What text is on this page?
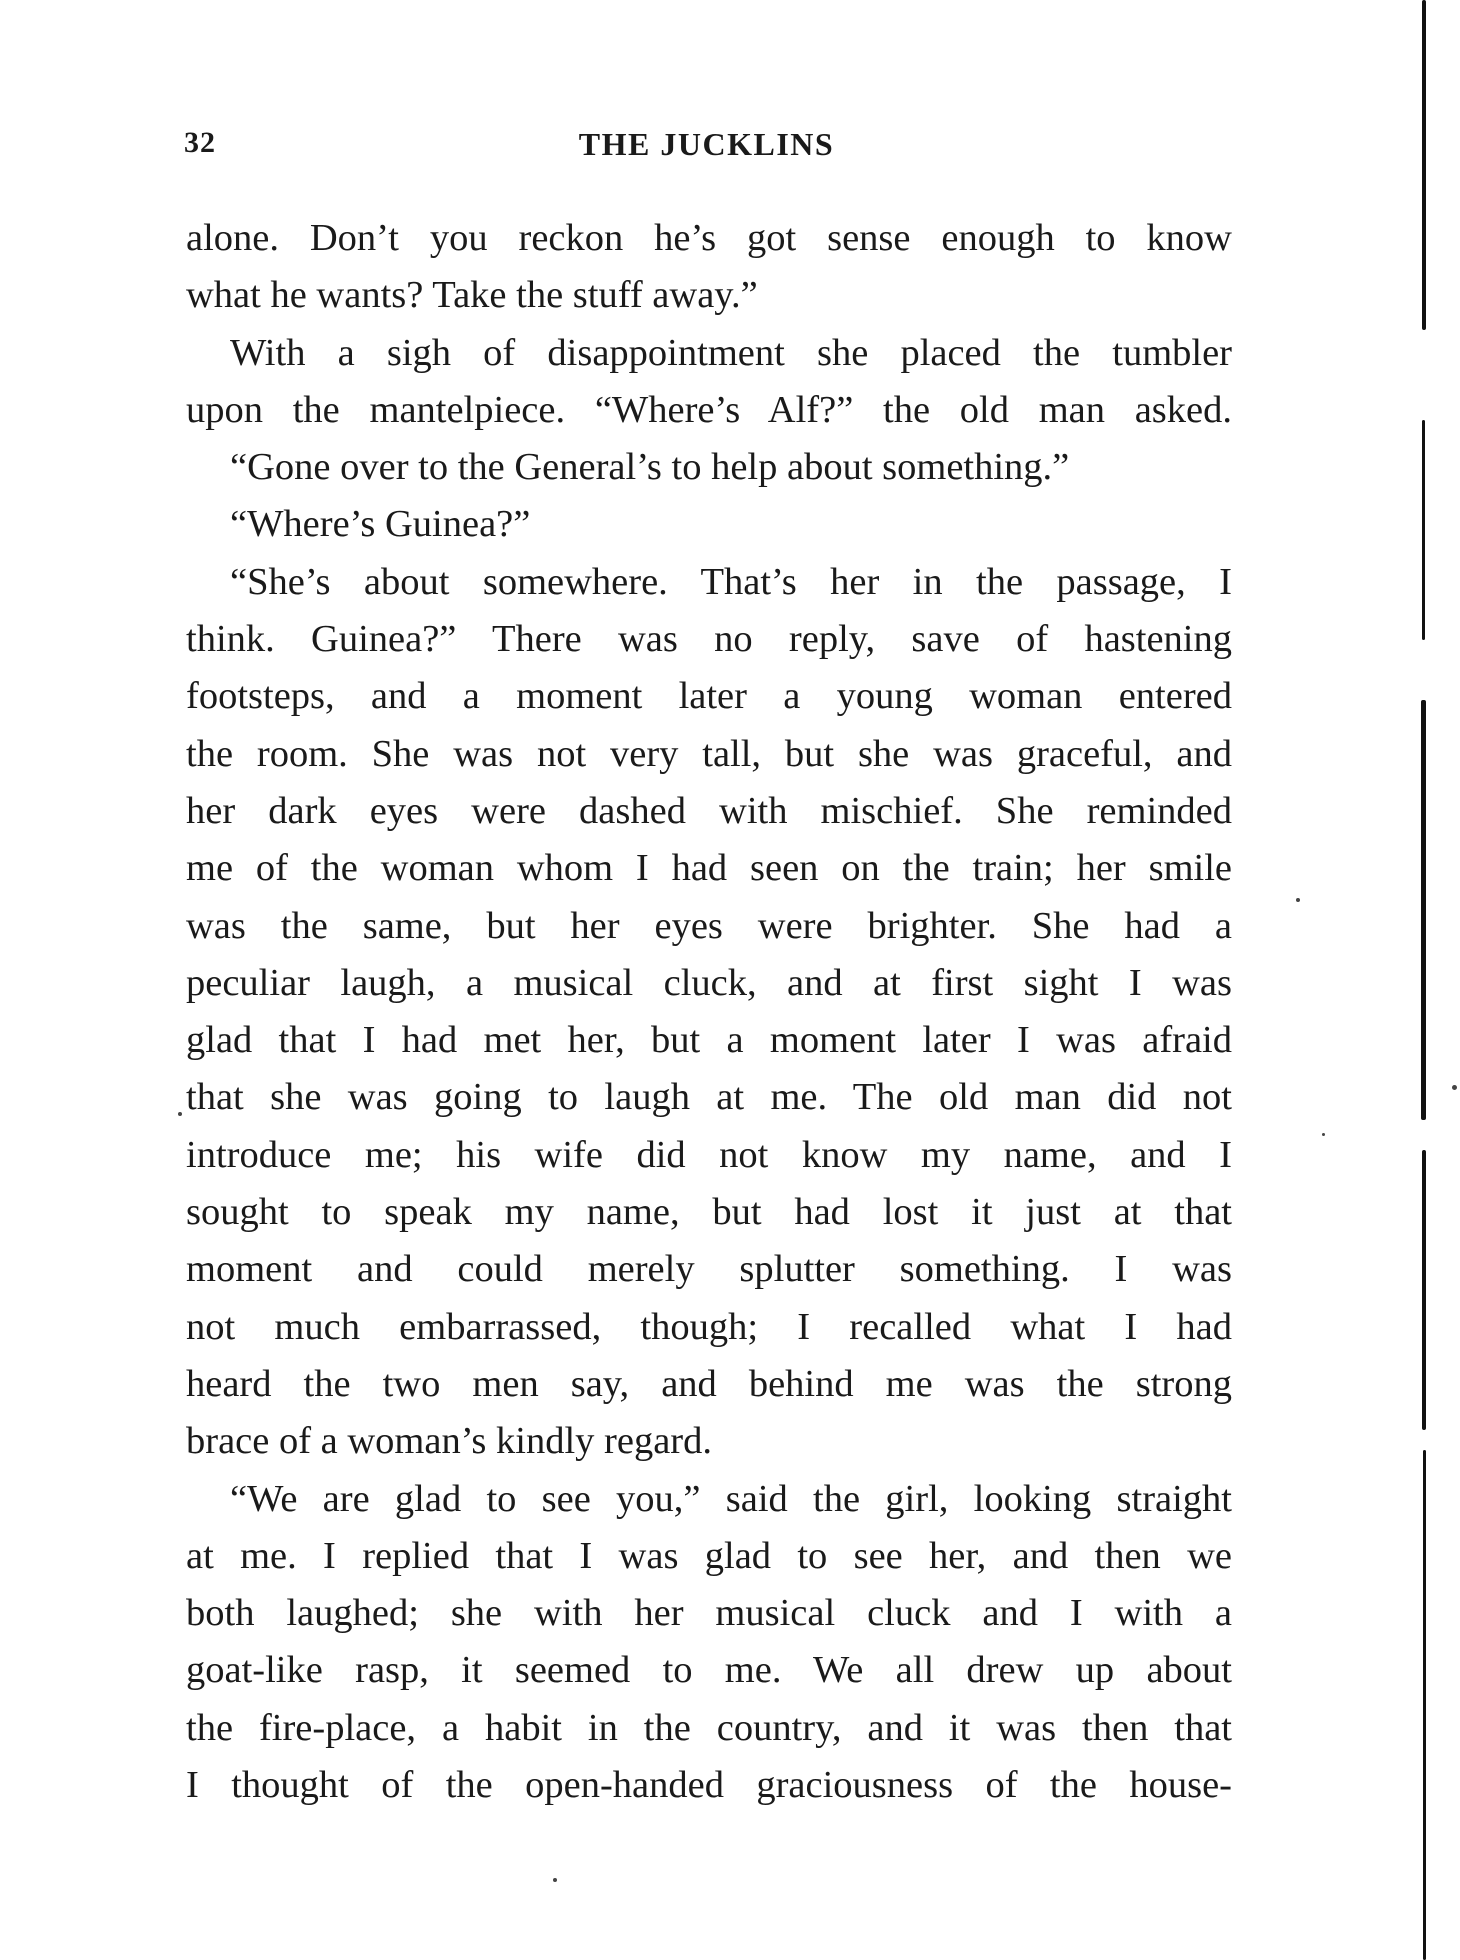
32	THE JUCKLINS
alone. Don’t you reckon he’s got sense enough to know
what he wants? Take the stuff away.”
With a sigh of disappointment she placed the tumbler
upon the mantelpiece. “Where’s Alf?” the old man asked.
“Gone over to the General’s to help about something.”
“Where’s Guinea?”
“She’s about somewhere. That’s her in the passage, I
think. Guinea?” There was no reply, save of hastening
footsteps, and a moment later a young woman entered
the room. She was not very tall, but she was graceful, and
her dark eyes were dashed with mischief. She reminded
me of the woman whom I had seen on the train; her smile
was the same, but her eyes were brighter. She had a
peculiar laugh, a musical cluck, and at first sight I was
glad that I had met her, but a moment later I was afraid
that she was going to laugh at me. The old man did not
introduce me; his wife did not know my name, and I
sought to speak my name, but had lost it just at that
moment and could merely splutter something. I was
not much embarrassed, though; I recalled what I had
heard the two men say, and behind me was the strong
brace of a woman’s kindly regard.
“We are glad to see you,” said the girl, looking straight
at me. I replied that I was glad to see her, and then we
both laughed; she with her musical cluck and I with a
goat-like rasp, it seemed to me. We all drew up about
the fire-place, a habit in the country, and it was then that
I thought of the open-handed graciousness of the house-
